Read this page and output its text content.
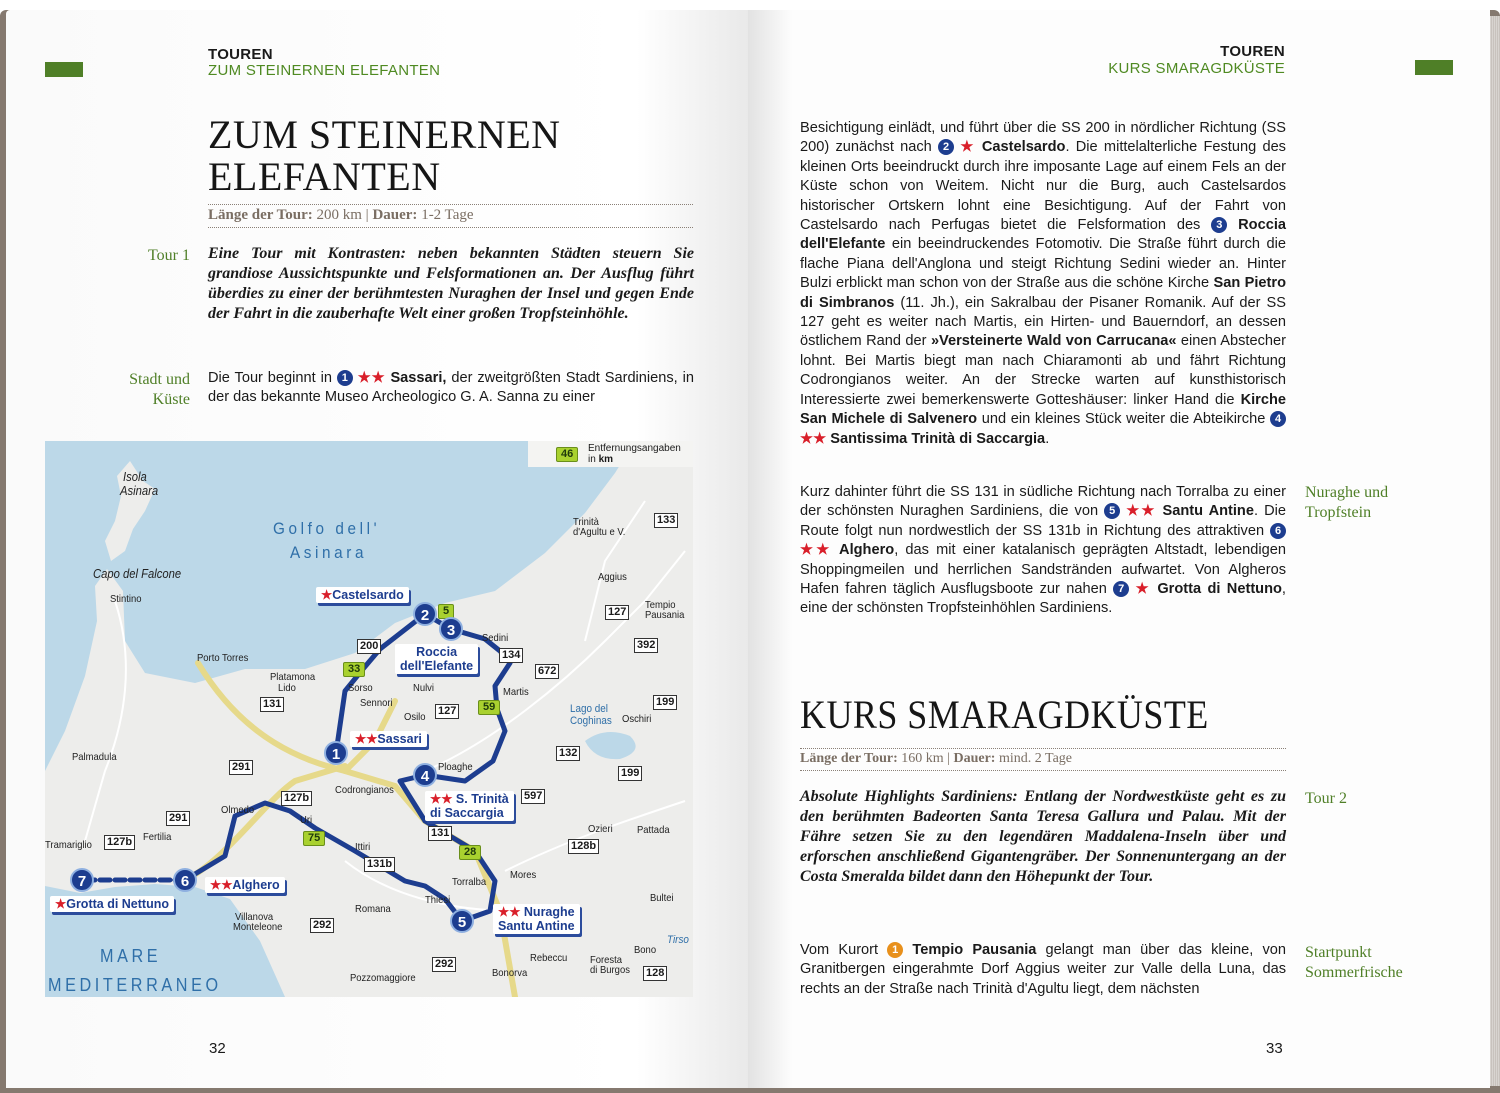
TOUREN
ZUM STEINERNEN ELEFANTEN
ZUM STEINERNEN
ELEFANTEN
Länge der Tour: 200 km | Dauer: 1-2 Tage
Tour 1 Eine Tour mit Kontrasten: neben bekannten Städten steuern Sie grandiose Aussichtspunkte und Felsformationen an. Der Ausflug führt überdies zu einer der berühmtesten Nuraghen der Insel und gegen Ende der Fahrt in die zauberhafte Welt einer großen Tropfsteinhöhle.
Stadt und Küste
Die Tour beginnt in 1 ★★ Sassari, der zweitgrößten Stadt Sardiniens, in der das bekannte Museo Archeologico G. A. Sanna zu einer
46	Entfernungsangaben
in km
Isola
Asinara
Golfo dell'
Asinara
Capo del Falcone
Stintino
Porto Torres
Platamona
Lido	Sorso
Sennori
Nulvi
Osilo
Martis
Sedini
Lago del
Coghinas Oschiri
Trinità
d'Agultu e V.
Aggius
Tempio
Pausania
Palmadula
Ploaghe
Codrongianos
Olmedo
Uri
Fertilia
Tramariglio	Ittiri
Mores
Torralba
Thiesi	Bultei
Romana
Villanova
Monteleone
Ozieri Pattada
Bono
Tirso
Rebeccu Foresta
di Burgos
Bonorva
Pozzomaggiore
MARE
MEDITERRANEO
200
131
127
134
672
133
127
392
199
132
199
291
597
127b
291
127b
131
128b
131b
292
292
128
5
33
59
75
28
1
2
3
4
5
6
7
★Castelsardo
Roccia
dell'Elefante
★★Sassari
★★ S. Trinità
di Saccargia
★★Alghero
★Grotta di Nettuno
★★ Nuraghe
Santu Antine
32
TOUREN
KURS SMARAGDKÜSTE
Besichtigung einlädt, und führt über die SS 200 in nördlicher Richtung (SS 200) zunächst nach 2 ★ Castelsardo. Die mittelalterliche Festung des kleinen Orts beeindruckt durch ihre imposante Lage auf einem Fels an der Küste schon von Weitem. Nicht nur die Burg, auch Castelsardos historischer Ortskern lohnt eine Besichtigung. Auf der Fahrt von Castelsardo nach Perfugas bietet die Felsformation des 3 Roccia dell'Elefante ein beeindruckendes Fotomotiv. Die Straße führt durch die flache Piana dell'Anglona und steigt Richtung Sedini wieder an. Hinter Bulzi erblickt man schon von der Straße aus die schöne Kirche San Pietro di Simbranos (11. Jh.), ein Sakralbau der Pisaner Romanik. Auf der SS 127 geht es weiter nach Martis, ein Hirten- und Bauerndorf, an dessen östlichem Rand der »Versteinerte Wald von Carrucana« einen Abstecher lohnt. Bei Martis biegt man nach Chiaramonti ab und fährt Richtung Codrongianos weiter. An der Strecke warten auf kunsthistorisch Interessierte zwei bemerkenswerte Gotteshäuser: linker Hand die Kirche San Michele di Salvenero und ein kleines Stück weiter die Abteikirche 4 ★★ Santissima Trinità di Saccargia.
Nuraghe und Tropfstein
Kurz dahinter führt die SS 131 in südliche Richtung nach Torralba zu einer der schönsten Nuraghen Sardiniens, die von 5 ★★ Santu Antine. Die Route folgt nun nordwestlich der SS 131b in Richtung des attraktiven 6 ★★ Alghero, das mit einer katalanisch geprägten Altstadt, lebendigen Shoppingmeilen und herrlichen Sandstränden aufwartet. Von Algheros Hafen fahren täglich Ausflugsboote zur nahen 7 ★ Grotta di Nettuno, eine der schönsten Tropfsteinhöhlen Sardiniens.
KURS SMARAGDKÜSTE
Länge der Tour: 160 km | Dauer: mind. 2 Tage
Tour 2
Absolute Highlights Sardiniens: Entlang der Nordwestküste geht es zu den berühmten Badeorten Santa Teresa Gallura und Palau. Mit der Fähre setzen Sie zu den legendären Maddalena-Inseln über und erforschen anschließend Gigantengräber. Der Sonnenuntergang an der Costa Smeralda bildet dann den Höhepunkt der Tour.
Startpunkt Sommerfrische
Vom Kurort 1 Tempio Pausania gelangt man über das kleine, von Granitbergen eingerahmte Dorf Aggius weiter zur Valle della Luna, das rechts an der Straße nach Trinità d'Agultu liegt, dem nächsten
33
